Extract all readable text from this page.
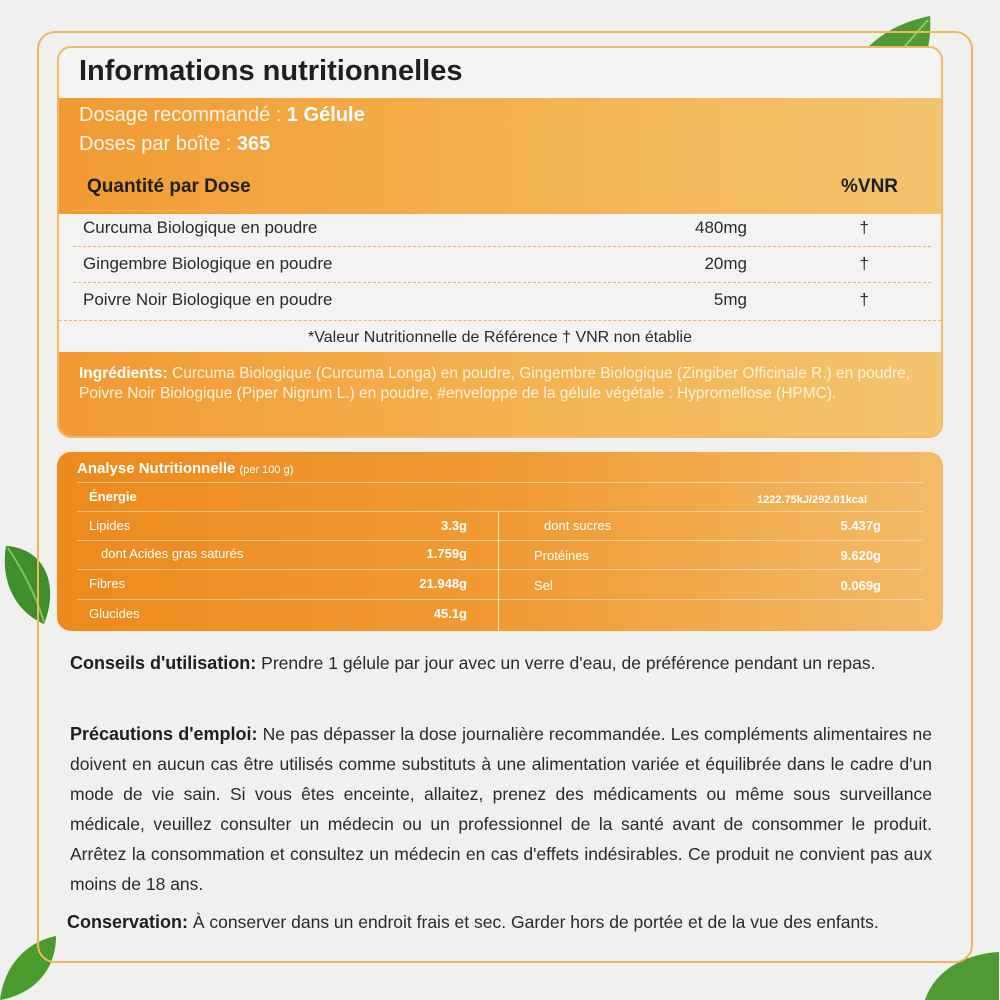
Informations nutritionnelles
Dosage recommandé : 1 Gélule
Doses par boîte : 365
Quantité par Dose	%VNR
Curcuma Biologique en poudre	480mg	†
Gingembre Biologique en poudre	20mg	†
Poivre Noir Biologique en poudre	5mg	†
*Valeur Nutritionnelle de Référence † VNR non établie

Ingrédients: Curcuma Biologique (Curcuma Longa) en poudre, Gingembre Biologique (Zingiber Officinale R.) en poudre, Poivre Noir Biologique (Piper Nigrum L.) en poudre, #enveloppe de la gélule végétale : Hypromellose (HPMC).

Analyse Nutritionnelle (per 100 g)
Énergie	1222.75kJ/292.01kcal
Lipides	3.3g
dont Acides gras saturés	1.759g
Fibres	21.948g
Glucides	45.1g
dont sucres	5.437g
Protéines	9.620g
Sel	0.069g

Conseils d'utilisation: Prendre 1 gélule par jour avec un verre d'eau, de préférence pendant un repas.

Précautions d'emploi: Ne pas dépasser la dose journalière recommandée. Les compléments alimentaires ne doivent en aucun cas être utilisés comme substituts à une alimentation variée et équilibrée dans le cadre d'un mode de vie sain. Si vous êtes enceinte, allaitez, prenez des médicaments ou même sous surveillance médicale, veuillez consulter un médecin ou un professionnel de la santé avant de consommer le produit. Arrêtez la consommation et consultez un médecin en cas d'effets indésirables. Ce produit ne convient pas aux moins de 18 ans.

Conservation: À conserver dans un endroit frais et sec. Garder hors de portée et de la vue des enfants.
